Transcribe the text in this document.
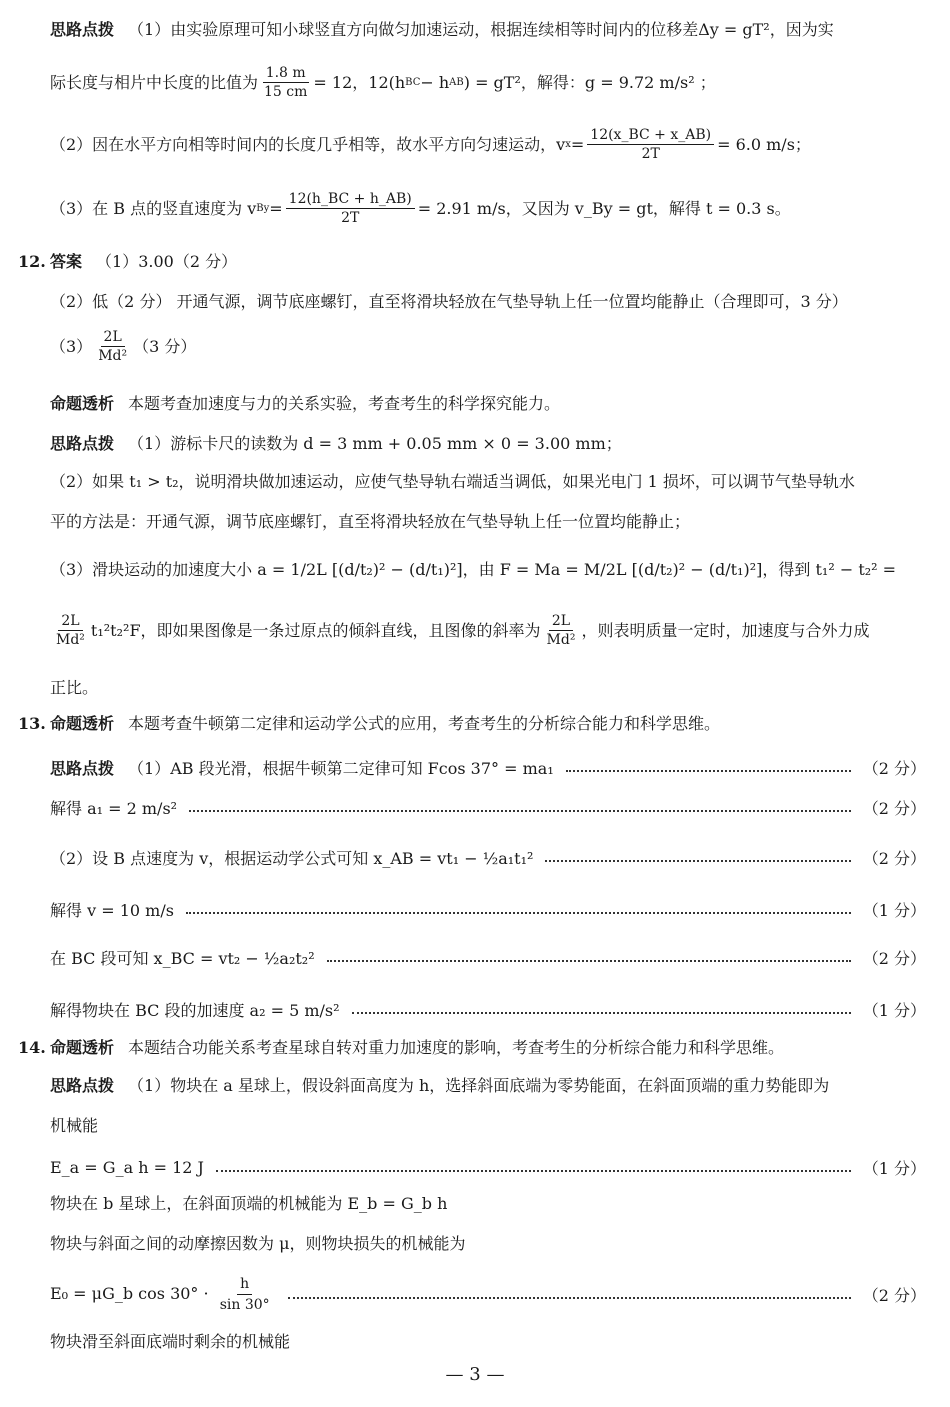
思路点拨 （1）由实验原理可知小球竖直方向做匀加速运动，根据连续相等时间内的位移差Δy = gT²，因为实
际长度与相片中长度的比值为 $\frac{1.8 m}{15 cm} = 12$，12(h BC − h AB ) = gT²，解得：g = 9.72 m/s² ；
（2）因在水平方向相等时间内的长度几乎相等，故水平方向匀速运动，v $x = \frac{12(x\_BC + x\_AB)}{2T} = 6.0$ m/s；
（3）在 B 点的竖直速度为 v $By = \frac{12(h\_BC + h\_AB)}{2T} = 2.91$ m/s，又因为 v_By = gt，解得 t = 0.3 s。
12. 答案 （1）3.00（2 分）
（2）低（2 分） 开通气源，调节底座螺钉，直至将滑块轻放在气垫导轨上任一位置均能静止（合理即可，3 分）
$(3) \frac{2L}{\text{Md²}} (3$ 分）
命题透析 本题考查加速度与力的关系实验，考查考生的科学探究能力。
思路点拨 （1）游标卡尺的读数为 d = 3 mm + 0.05 mm × 0 = 3.00 mm；
（2）如果 t₁ > t₂，说明滑块做加速运动，应使气垫导轨右端适当调低，如果光电门 1 损坏，可以调节气垫导轨水
平的方法是：开通气源，调节底座螺钉，直至将滑块轻放在气垫导轨上任一位置均能静止；
（3）滑块运动的加速度大小 a = 1/2L [(d/t₂)² − (d/t₁)²]，由 F = Ma = M/2L [(d/t₂)² − (d/t₁)²]，得到 t₁² − t₂² =
$\frac{2L}{\text{Md²}} t_1^2t_2^2F$，即如果图像是一条过原点的倾斜直线，且图像的斜率为 $\frac{2L}{\text{Md²}}$ ，则表明质量一定时，加速度与合外力成
正比。
13. 命题透析 本题考查牛顿第二定律和运动学公式的应用，考查考生的分析综合能力和科学思维。
思路点拨 （1）AB 段光滑，根据牛顿第二定律可知 Fcos 37° = ma₁	（2 分）
解得 a₁ = 2 m/s²	（2 分）
（2）设 B 点速度为 v，根据运动学公式可知 x_AB = vt₁ − ½a₁t₁²	（2 分）
解得 v = 10 m/s	（1 分）
在 BC 段可知 x_BC = vt₂ − ½a₂t₂²	（2 分）
解得物块在 BC 段的加速度 a₂ = 5 m/s²	（1 分）
14. 命题透析 本题结合功能关系考查星球自转对重力加速度的影响，考查考生的分析综合能力和科学思维。
思路点拨 （1）物块在 a 星球上，假设斜面高度为 h，选择斜面底端为零势能面，在斜面顶端的重力势能即为
机械能
E_a = G_a h = 12 J	（1 分）
物块在 b 星球上，在斜面顶端的机械能为 E_b = G_b h
物块与斜面之间的动摩擦因数为 μ，则物块损失的机械能为
E₀ = μG_b $\cos 30^\circ \cdot \frac{h}{\sin 30^\circ}$	（2 分）
物块滑至斜面底端时剩余的机械能
— 3 —
